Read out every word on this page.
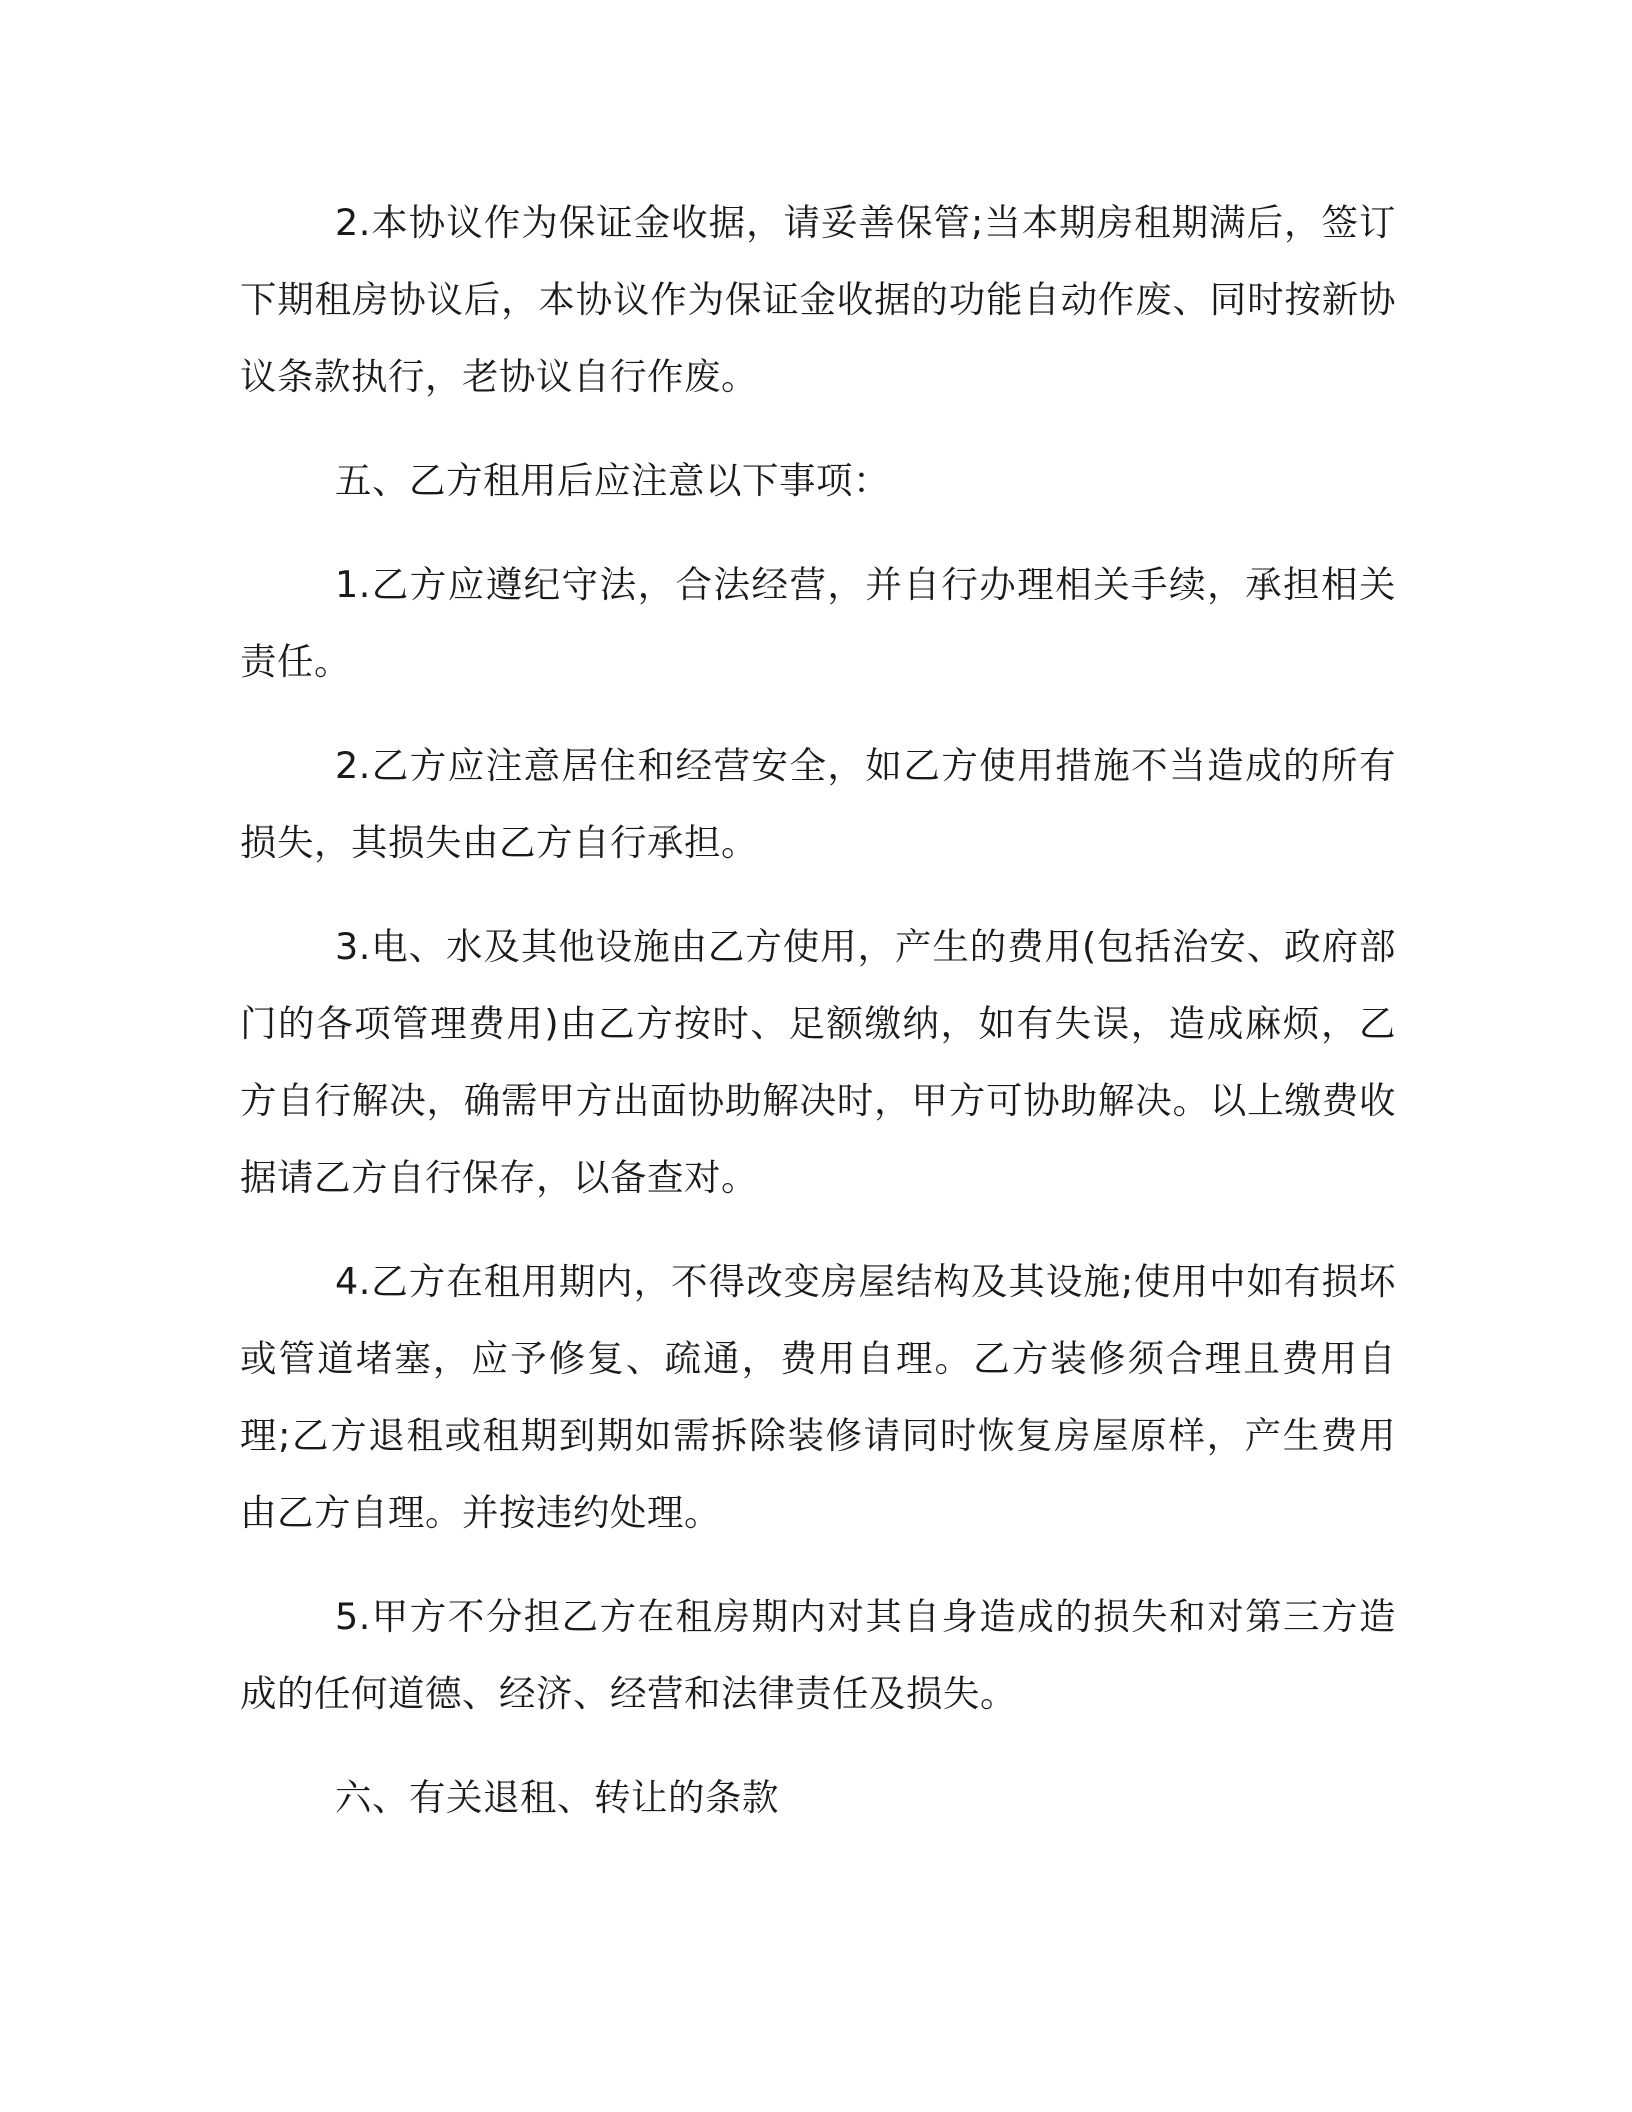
2.本协议作为保证金收据，请妥善保管;当本期房租期满后，签订下期租房协议后，本协议作为保证金收据的功能自动作废、同时按新协议条款执行，老协议自行作废。

五、乙方租用后应注意以下事项：

1.乙方应遵纪守法，合法经营，并自行办理相关手续，承担相关责任。

2.乙方应注意居住和经营安全，如乙方使用措施不当造成的所有损失，其损失由乙方自行承担。

3.电、水及其他设施由乙方使用，产生的费用(包括治安、政府部门的各项管理费用)由乙方按时、足额缴纳，如有失误，造成麻烦，乙方自行解决，确需甲方出面协助解决时，甲方可协助解决。以上缴费收据请乙方自行保存，以备查对。

4.乙方在租用期内，不得改变房屋结构及其设施;使用中如有损坏或管道堵塞，应予修复、疏通，费用自理。乙方装修须合理且费用自理;乙方退租或租期到期如需拆除装修请同时恢复房屋原样，产生费用由乙方自理。并按违约处理。

5.甲方不分担乙方在租房期内对其自身造成的损失和对第三方造成的任何道德、经济、经营和法律责任及损失。

六、有关退租、转让的条款
